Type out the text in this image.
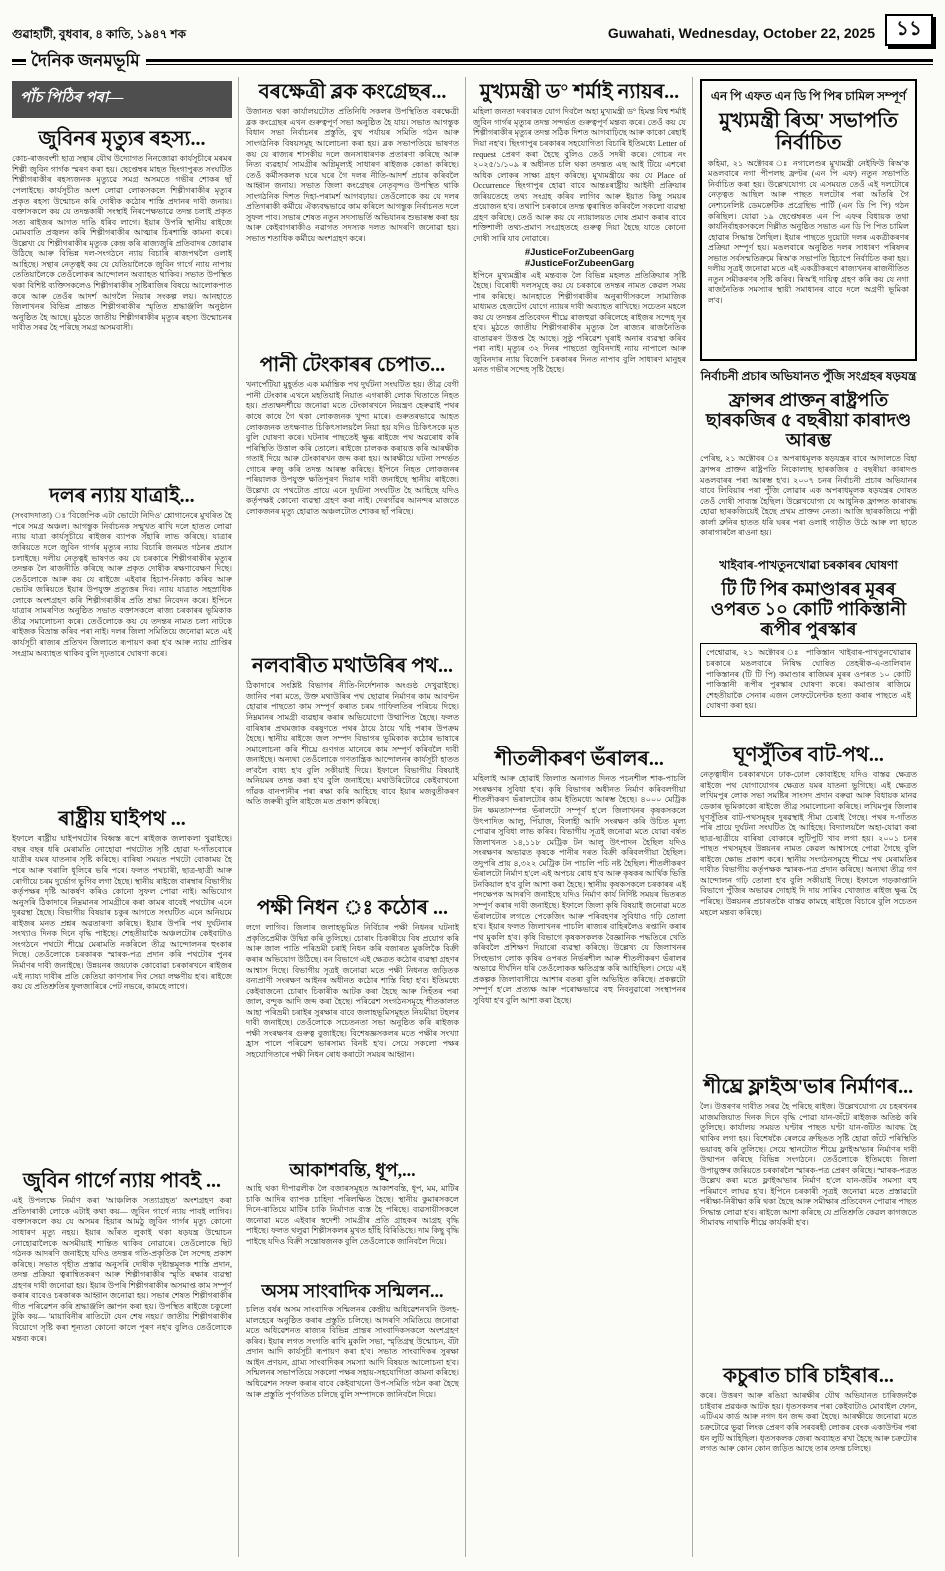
গুৱাহাটী, বুধবাৰ, ৪ কাতি, ১৯৪৭ শক	Guwahati, Wednesday, October 22, 2025	১১
দৈনিক জনমভূমি
পাঁচ পিঠিৰ পৰা—
জুবিনৰ মৃত্যুৰ ৰহস্য...

কোচ-ৰাজবংশী ছাত্ৰ সন্থাৰ যৌথ উদ্যোগত নিনজোৱা কাৰ্যসূচীৰে মৰমৰ শিল্পী জুবিন গাৰ্গক স্মৰণ কৰা হয়। ছেপ্তেম্বৰ মাহত ছিংগাপুৰত সংঘটিত শিল্পীগৰাকীৰ ৰহস্যজনক মৃত্যুৱে সমগ্ৰ অসমতে গভীৰ শোকৰ ছাঁ পেলাইছে। কাৰ্যসূচীত অংশ লোৱা লোকসকলে শিল্পীগৰাকীৰ মৃত্যুৰ প্ৰকৃত ৰহস্য উন্মোচন কৰি দোষীক কঠোৰ শাস্তি প্ৰদানৰ দাবী জনায়। বক্তাসকলে কয় যে তদন্তকাৰী সংস্থাই নিৰপেক্ষভাৱে তদন্ত চলাই প্ৰকৃত সত্য ৰাইজৰ আগত দাঙি ধৰিব লাগে। ইয়াৰ উপৰি স্থানীয় ৰাইজে মোমবাতি প্ৰজ্বলন কৰি শিল্পীগৰাকীৰ আত্মাৰ চিৰশান্তি কামনা কৰে। উল্লেখ্য যে শিল্পীগৰাকীৰ মৃত্যুক কেন্দ্ৰ কৰি ৰাজ্যজুৰি প্ৰতিবাদৰ জোৱাৰ উঠিছে আৰু বিভিন্ন দল-সংগঠনে ন্যায় বিচাৰি ৰাজপথলৈ ওলাই আহিছে। সন্থাৰ নেতৃত্বই কয় যে যেতিয়ালৈকে জুবিন গাৰ্গে ন্যায় নাপায় তেতিয়ালৈকে তেওঁলোকৰ আন্দোলন অব্যাহত থাকিব। সভাত উপস্থিত থকা বিশিষ্ট ব্যক্তিসকলেও শিল্পীগৰাকীৰ সৃষ্টিৰাজিৰ বিষয়ে আলোকপাত কৰে আৰু তেওঁৰ আদৰ্শ আগলৈ নিয়াৰ সংকল্প লয়। আনহাতে জিলাখনৰ বিভিন্ন প্ৰান্তত শিল্পীগৰাকীৰ স্মৃতিত শ্ৰদ্ধাঞ্জলি অনুষ্ঠান অনুষ্ঠিত হৈ আছে। মুঠতে জাতীয় শিল্পীগৰাকীৰ মৃত্যুৰ ৰহস্য উন্মোচনৰ দাবীত সৰৱ হৈ পৰিছে সমগ্ৰ অসমবাসী।

দলৰ ন্যায় যাত্ৰাই...

(সংবাদদাতা) ঃ 'বিজেপিক এটা ভোটো নিদিও' শ্লোগানেৰে মুখৰিত হৈ পৰে সমগ্ৰ অঞ্চল। আগন্তুক নিৰ্বাচনক সন্মুখত ৰাখি দলে হাতত লোৱা ন্যায় যাত্ৰা কাৰ্যসূচীয়ে ৰাইজৰ ব্যাপক সঁহাৰি লাভ কৰিছে। যাত্ৰাৰ জৰিয়তে দলে জুবিন গাৰ্গৰ মৃত্যুৰ ন্যায় বিচাৰি জনমত গঠনৰ প্ৰয়াস চলাইছে। দলীয় নেতৃত্বই ভাষণত কয় যে চৰকাৰে শিল্পীগৰাকীৰ মৃত্যুৰ তদন্তক লৈ ৰাজনীতি কৰিছে আৰু প্ৰকৃত দোষীক ৰক্ষণাবেক্ষণ দিছে। তেওঁলোকে আৰু কয় যে ৰাইজে এইবাৰ হিচাপ-নিকাচ কৰিব আৰু ভোটৰ জৰিয়তে ইয়াৰ উপযুক্ত প্ৰত্যুত্তৰ দিব। ন্যায় যাত্ৰাত সহস্ৰাধিক লোকে অংশগ্ৰহণ কৰি শিল্পীগৰাকীৰ প্ৰতি শ্ৰদ্ধা নিবেদন কৰে। ইপিনে যাত্ৰাৰ সামৰণিত অনুষ্ঠিত সভাত বক্তাসকলে ৰাজ্য চৰকাৰৰ ভূমিকাক তীব্ৰ সমালোচনা কৰে। তেওঁলোকে কয় যে তদন্তৰ নামত চলা নাটকে ৰাইজক বিভ্ৰান্ত কৰিব পৰা নাই। দলৰ জিলা সমিতিয়ে জনোৱা মতে এই কাৰ্যসূচী ৰাজ্যৰ প্ৰতিখন জিলাতে ৰূপায়ণ কৰা হ'ব আৰু ন্যায় প্ৰাপ্তিৰ সংগ্ৰাম অব্যাহত থাকিব বুলি দৃঢ়তাৰে ঘোষণা কৰে।

ৰাষ্ট্ৰীয় ঘাইপথ ...

ইফালে ৰাষ্ট্ৰীয় ঘাইপথটোৰ বিধ্বস্ত ৰূপে ৰাইজক জলাকলা খুৱাইছে। বছৰ বছৰ ধৰি মেৰামতি নোহোৱা পথটোত সৃষ্টি হোৱা দ-গাঁতবোৰে যাত্ৰীৰ যমৰ যাতনাৰ সৃষ্টি কৰিছে। বাৰিষা সময়ত পথটো বোকাময় হৈ পৰে আৰু খৰালি ধূলিৰে ভৰি পৰে। ফলত পথচাৰী, ছাত্ৰ-ছাত্ৰী আৰু ৰোগীয়ে চৰম দুৰ্ভোগ ভুগিব লগা হৈছে। স্থানীয় ৰাইজে বাৰম্বাৰ বিভাগীয় কৰ্তৃপক্ষৰ দৃষ্টি আকৰ্ষণ কৰিও কোনো সুফল পোৱা নাই। অভিযোগ অনুসৰি ঠিকাদাৰে নিম্নমানৰ সামগ্ৰীৰে কৰা কামৰ বাবেই পথটোৰ এনে দুৰৱস্থা হৈছে। বিভাগীয় বিষয়াৰ চকুৰ আগতে সংঘটিত এনে অনিয়মে ৰাইজৰ মনত প্ৰশ্নৰ অৱতাৰণা কৰিছে। ইয়াৰ উপৰি পথ দুৰ্ঘটনাৰ সংখ্যাও দিনক দিনে বৃদ্ধি পাইছে। শেহতীয়াকৈ অঞ্চলটোৰ কেইবাটাও সংগঠনে পথটো শীঘ্ৰে মেৰামতি নকৰিলে তীব্ৰ আন্দোলনৰ হুংকাৰ দিছে। তেওঁলোকে চৰকাৰক স্মাৰক-পত্ৰ প্ৰদান কৰি পথটোৰ পুনৰ নিৰ্মাণৰ দাবী জনাইছে। উন্নয়নৰ জয়ঢাক কোবোৱা চৰকাৰখনে ৰাইজৰ এই ন্যায্য দাবীৰ প্ৰতি কেতিয়া কাণসাৰ দিব সেয়া লক্ষণীয় হ'ব। ৰাইজে কয় যে প্ৰতিশ্ৰুতিৰ ফুলজাৰিৰে পেট নভৰে, কামহে লাগে।

জুবিন গাৰ্গে ন্যায় পাবই ...

এই উপলক্ষে নিৰ্মাণ কৰা 'আঞ্চলিক সত্যাগ্ৰহত' অংশগ্ৰহণ কৰা প্ৰতিগৰাকী লোকে এটাই কথা কয়— জুবিন গাৰ্গে ন্যায় পাবই লাগিব। বক্তাসকলে কয় যে অসমৰ হিয়াৰ আমঠু জুবিন গাৰ্গৰ মৃত্যু কোনো সাধাৰণ মৃত্যু নহয়। ইয়াৰ আঁৰত লুকাই থকা ষড়যন্ত্ৰ উন্মোচন নোহোৱালৈকে অসমীয়াই শান্তিত থাকিব নোৱাৰে। তেওঁলোকে ছিট গঠনক আদৰণি জনাইছে যদিও তদন্তৰ গতি-প্ৰকৃতিক লৈ সন্দেহ প্ৰকাশ কৰিছে। সভাত গৃহীত প্ৰস্তাৱ অনুসৰি দোষীক দৃষ্টান্তমূলক শাস্তি প্ৰদান, তদন্ত প্ৰক্ৰিয়া ত্বৰান্বিতকৰণ আৰু শিল্পীগৰাকীৰ স্মৃতি ৰক্ষাৰ ব্যৱস্থা গ্ৰহণৰ দাবী জনোৱা হয়। ইয়াৰ উপৰি শিল্পীগৰাকীৰ অসমাপ্ত কাম সম্পূৰ্ণ কৰাৰ বাবেও চৰকাৰক আহ্বান জনোৱা হয়। সভাৰ শেষত শিল্পীগৰাকীৰ গীত পৰিৱেশন কৰি শ্ৰদ্ধাঞ্জলি জ্ঞাপন কৰা হয়। উপস্থিত ৰাইজে চকুলো টুকি কয়— 'মায়াবিনীৰ ৰাতিটো যেন শেষ নহয়।' জাতীয় শিল্পীগৰাকীৰ বিয়োগে সৃষ্টি কৰা শূন্যতা কোনো কালে পূৰণ নহ'ব বুলিও তেওঁলোকে মন্তব্য কৰে।

বৰক্ষেত্ৰী ব্লক কংগ্ৰেছৰ...

উজানত থকা কাৰ্যালয়টোত প্ৰতিনিধি সকলৰ উপস্থিতিত বৰক্ষেত্ৰী ব্লক কংগ্ৰেছৰ এখন গুৰুত্বপূৰ্ণ সভা অনুষ্ঠিত হৈ যায়। সভাত আগন্তুক বিধান সভা নিৰ্বাচনৰ প্ৰস্তুতি, বুথ পৰ্যায়ৰ সমিতি গঠন আৰু সাংগঠনিক বিষয়সমূহ আলোচনা কৰা হয়। ব্লক সভাপতিয়ে ভাষণত কয় যে ৰাজ্যৰ শাসকীয় দলে জনসাধাৰণক প্ৰতাৰণা কৰিছে আৰু নিত্য ব্যৱহাৰ্য সামগ্ৰীৰ অগ্নিমূল্যই সাধাৰণ ৰাইজক কোঙা কৰিছে। তেওঁ কৰ্মীসকলক ঘৰে ঘৰে গৈ দলৰ নীতি-আদৰ্শ প্ৰচাৰ কৰিবলৈ আহ্বান জনায়। সভাত জিলা কংগ্ৰেছৰ নেতৃবৃন্দও উপস্থিত থাকি সাংগঠনিক দিশত দিহা-পৰামৰ্শ আগবঢ়ায়। তেওঁলোকে কয় যে দলৰ প্ৰতিগৰাকী কৰ্মীয়ে ঐক্যবদ্ধভাৱে কাম কৰিলে আগন্তুক নিৰ্বাচনত দলে সুফল পাব। সভাৰ শেষত নতুন সদস্যভৰ্তি অভিযানৰ শুভাৰম্ভ কৰা হয় আৰু কেইবাগৰাকীও নৱাগত সদস্যক দলত আদৰণি জনোৱা হয়। সভাত শতাধিক কৰ্মীয়ে অংশগ্ৰহণ কৰে।

পানী টেংকাৰৰ চেপাত...

খনাৰ্পেটিয়া মুহূৰ্তত এক মৰ্মান্তিক পথ দুৰ্ঘটনা সংঘটিত হয়। তীব্ৰ বেগী পানী টেংকাৰ এখনে মহতিয়াই নিয়াত এগৰাকী লোক থিতাতে নিহত হয়। প্ৰত্যক্ষদৰ্শীয়ে জনোৱা মতে টেংকাৰখনে নিয়ন্ত্ৰণ হেৰুৱাই পথৰ কাষে কাষে গৈ থকা লোকজনক খুন্দা মাৰে। গুৰুতৰভাৱে আহত লোকজনক তৎক্ষণাত চিকিৎসালয়লৈ নিয়া হয় যদিও চিকিৎসকে মৃত বুলি ঘোষণা কৰে। ঘটনাৰ পাছতেই ক্ষুব্ধ ৰাইজে পথ অৱৰোধ কৰি পৰিস্থিতি উত্তাল কৰি তোলে। ৰাইজে চালকক কৰায়ত্ত কৰি আৰক্ষীক গতাই দিয়ে আৰু টেংকাৰখন জব্দ কৰা হয়। আৰক্ষীয়ে ঘটনা সন্দৰ্ভত গোচৰ ৰুজু কৰি তদন্ত আৰম্ভ কৰিছে। ইপিনে নিহত লোকজনৰ পৰিয়ালক উপযুক্ত ক্ষতিপূৰণ দিয়াৰ দাবী জনাইছে স্থানীয় ৰাইজে। উল্লেখ্য যে পথটোত প্ৰায়ে এনে দুৰ্ঘটনা সংঘটিত হৈ আহিছে যদিও কৰ্তৃপক্ষই কোনো ব্যৱস্থা গ্ৰহণ কৰা নাই। দেৰগাঁৱৰ আনন্দৰ মাজতে লোকজনৰ মৃত্যু হোৱাত অঞ্চলটোত শোকৰ ছাঁ পৰিছে।

নলবাৰীত মথাউৰিৰ পথ...

ঠিকাদাৰে সংশ্লিষ্ট বিভাগৰ নীতি-নিৰ্দেশনাক অংগুষ্ঠ দেখুৱাইছে। জানিব পৰা মতে, উক্ত মথাউৰিৰ পথ ছোৱাৰ নিৰ্মাণৰ কাম আবণ্টন হোৱাৰ পাছতো কাম সম্পূৰ্ণ কৰাত চৰম গাফিলতিৰ পৰিচয় দিছে। নিম্নমানৰ সামগ্ৰী ব্যৱহাৰ কৰাৰ অভিযোগো উত্থাপিত হৈছে। ফলত বাৰিষাৰ প্ৰথমজাক বৰষুণতে পথৰ ঠায়ে ঠায়ে খহি পৰাৰ উপক্ৰম হৈছে। স্থানীয় ৰাইজে জল সম্পদ বিভাগৰ ভূমিকাক কঠোৰ ভাষাৰে সমালোচনা কৰি শীঘ্ৰে গুণগত মানেৰে কাম সম্পূৰ্ণ কৰিবলৈ দাবী জনাইছে। অন্যথা তেওঁলোকে গণতান্ত্ৰিক আন্দোলনৰ কাৰ্যসূচী হাতত ল'বলৈ বাধ্য হ'ব বুলি সকীয়াই দিয়ে। ইফালে বিভাগীয় বিষয়াই অনিয়মৰ তদন্ত কৰা হ'ব বুলি জনাইছে। মথাউৰিটোৱে কেইবাখনো গাঁৱক বানপানীৰ পৰা ৰক্ষা কৰি আহিছে বাবে ইয়াৰ মজবুতীকৰণ অতি জৰুৰী বুলি ৰাইজে মত প্ৰকাশ কৰিছে।

পক্ষী নিধন ঃ কঠোৰ ...

লগে লাগিব। জিলাৰ জলাহভূমিত নিৰ্বিচাৰ পক্ষী নিধনৰ ঘটনাই প্ৰকৃতিপ্ৰেমীক উদ্বিগ্ন কৰি তুলিছে। চোৰাং চিকাৰীয়ে বিষ প্ৰয়োগ কৰি আৰু জাল পাতি পৰিভ্ৰমী চৰাই নিধন কৰি বজাৰত মুকলিকৈ বিক্ৰী কৰাৰ অভিযোগ উঠিছে। বন বিভাগে এই ক্ষেত্ৰত কঠোৰ ব্যৱস্থা গ্ৰহণৰ আশ্বাস দিছে। বিভাগীয় সূত্ৰই জনোৱা মতে পক্ষী নিধনত জড়িতক বন্যপ্ৰাণী সংৰক্ষণ আইনৰ অধীনত কঠোৰ শাস্তি বিহা হ'ব। ইতিমধ্যে কেইবাজনো চোৰাং চিকাৰীক আটক কৰা হৈছে আৰু সিহঁতৰ পৰা জাল, বন্দুক আদি জব্দ কৰা হৈছে। পৰিৱেশ সংগঠনসমূহে শীতকালত আহা পৰিভ্ৰমী চৰাইৰ সুৰক্ষাৰ বাবে জলাহভূমিসমূহত নিয়মীয়া টহলৰ দাবী জনাইছে। তেওঁলোকে সচেতনতা সভা অনুষ্ঠিত কৰি ৰাইজক পক্ষী সংৰক্ষণৰ গুৰুত্ব বুজাইছে। বিশেষজ্ঞসকলৰ মতে পক্ষীৰ সংখ্যা হ্ৰাস পালে পৰিৱেশ ভাৰসাম্য বিনষ্ট হ'ব। সেয়ে সকলো পক্ষৰ সহযোগিতাৰে পক্ষী নিধন ৰোধ কৰাটো সময়ৰ আহ্বান।

আকাশবন্তি, ধূপ,...

আহি থকা দীপাৱলীক লৈ বজাৰসমূহত আকাশবন্তি, ধূপ, মম, মাটিৰ চাকি আদিৰ ব্যাপক চাহিদা পৰিলক্ষিত হৈছে। স্থানীয় কুমাৰসকলে দিনে-ৰাতিয়ে মাটিৰ চাকি নিৰ্মাণত ব্যস্ত হৈ পৰিছে। ব্যৱসায়ীসকলে জনোৱা মতে এইবাৰ স্বদেশী সামগ্ৰীৰ প্ৰতি গ্ৰাহকৰ আগ্ৰহ বৃদ্ধি পাইছে। ফলত থলুৱা শিল্পীসকলৰ মুখত হাঁহি বিৰিঙিছে। দাম কিছু বৃদ্ধি পাইছে যদিও বিক্ৰী সন্তোষজনক বুলি তেওঁলোকে জানিবলৈ দিয়ে।

অসম সাংবাদিক সন্মিলন...

চলিত বৰ্ষৰ অসম সাংবাদিক সন্মিলনৰ কেন্দ্ৰীয় অধিৱেশনখনি উলহ-মালহেৰে অনুষ্ঠিত কৰাৰ প্ৰস্তুতি চলিছে। আদৰণি সমিতিয়ে জনোৱা মতে অধিৱেশনত ৰাজ্যৰ বিভিন্ন প্ৰান্তৰ সাংবাদিকসকলে অংশগ্ৰহণ কৰিব। ইয়াৰ লগত সংগতি ৰাখি মুকলি সভা, স্মৃতিগ্ৰন্থ উন্মোচন, বঁটা প্ৰদান আদি কাৰ্যসূচী ৰূপায়ণ কৰা হ'ব। সভাত সাংবাদিকৰ সুৰক্ষা আইন প্ৰণয়ন, গ্ৰাম্য সাংবাদিকৰ সমস্যা আদি বিষয়ত আলোচনা হ'ব। সন্মিলনৰ সভাপতিয়ে সকলো পক্ষৰ সহায়-সহযোগিতা কামনা কৰিছে। অধিৱেশন সফল কৰাৰ বাবে কেইবাখনো উপ-সমিতি গঠন কৰা হৈছে আৰু প্ৰস্তুতি পূৰ্ণগতিত চলিছে বুলি সম্পাদকে জানিবলৈ দিয়ে।

মুখ্যমন্ত্ৰী ড° শৰ্মাই ন্যায়ৰ...

মহিলা জনতা দৰবাৰত যোগ দিবলৈ অহা মুখ্যমন্ত্ৰী ড° হিমন্ত বিশ্ব শৰ্মাই জুবিন গাৰ্গৰ মৃত্যুৰ তদন্ত সন্দৰ্ভত গুৰুত্বপূৰ্ণ মন্তব্য কৰে। তেওঁ কয় যে শিল্পীগৰাকীৰ মৃত্যুৰ তদন্ত সঠিক দিশত আগবাঢ়িছে আৰু কাকো ৰেহাই দিয়া নহ'ব। ছিংগাপুৰ চৰকাৰৰ সহযোগিতা বিচাৰি ইতিমধ্যে Letter of request প্ৰেৰণ কৰা হৈছে বুলিও তেওঁ সদৰী কৰে। গোচৰ নং ২০২৫/১/১০৯ ৰ অধীনত চলি থকা তদন্তত এছ আই টিয়ে এশৰো অধিক লোকৰ সাক্ষ্য গ্ৰহণ কৰিছে। মুখ্যমন্ত্ৰীয়ে কয় যে Place of Occurrence ছিংগাপুৰ হোৱা বাবে আন্তঃৰাষ্ট্ৰীয় আইনী প্ৰক্ৰিয়াৰ জৰিয়তেহে তথ্য সংগ্ৰহ কৰিব লাগিব আৰু ইয়াত কিছু সময়ৰ প্ৰয়োজন হ'ব। তথাপি চৰকাৰে তদন্ত ত্বৰান্বিত কৰিবলৈ সকলো ব্যৱস্থা গ্ৰহণ কৰিছে। তেওঁ আৰু কয় যে ন্যায়ালয়ত দোষ প্ৰমাণ কৰাৰ বাবে শক্তিশালী তথ্য-প্ৰমাণ সংগ্ৰহতহে গুৰুত্ব দিয়া হৈছে যাতে কোনো দোষী সাৰি যাব নোৱাৰে।

#JusticeForZubeenGarg #JusticeForZubeenGarg

ইপিনে মুখ্যমন্ত্ৰীৰ এই মন্তব্যক লৈ বিভিন্ন মহলত প্ৰতিক্ৰিয়াৰ সৃষ্টি হৈছে। বিৰোধী দলসমূহে কয় যে চৰকাৰে তদন্তৰ নামত কেৱল সময় পাৰ কৰিছে। আনহাতে শিল্পীগৰাকীৰ অনুৰাগীসকলে সামাজিক মাধ্যমত হেজটেগ যোগে ন্যায়ৰ দাবী অব্যাহত ৰাখিছে। সচেতন মহলে কয় যে তদন্তৰ প্ৰতিবেদন শীঘ্ৰে ৰাজহুৱা কৰিলেহে ৰাইজৰ সন্দেহ দূৰ হ'ব। মুঠতে জাতীয় শিল্পীগৰাকীৰ মৃত্যুক লৈ ৰাজ্যৰ ৰাজনৈতিক বাতাৱৰণ উত্তপ্ত হৈ আছে। সুষ্ঠু পৰিৱেশ ঘূৰাই অনাৰ ব্যৱস্থা কৰিব পৰা নাই। মৃত্যুৰ ৩২ দিনৰ পাছতো জুবিনদাই ন্যায় নাপালে আৰু জুবিনদাৰ ন্যায় বিজেপি চৰকাৰৰ দিনত নাপাব বুলি সাধাৰণ মানুহৰ মনত গভীৰ সন্দেহ সৃষ্টি হৈছে।

শীতলীকৰণ ভঁৰালৰ...

মহিলাই আৰু হোৱাই জিলাত অনাগত দিনত পচনশীল শাক-পাচলি সংৰক্ষণৰ সুবিধা হ'ব। কৃষি বিভাগৰ অধীনত নিৰ্মাণ কৰিবলগীয়া শীতলীকৰণ ভঁৰালটোৰ কাম ইতিমধ্যে আৰম্ভ হৈছে। ৪০০০ মেট্ৰিক টন ক্ষমতাসম্পন্ন ভঁৰালটো সম্পূৰ্ণ হ'লে জিলাখনৰ কৃষকসকলে উৎপাদিত আলু, পিঁয়াজ, বিলাহী আদি সংৰক্ষণ কৰি উচিত মূল্য পোৱাৰ সুবিধা লাভ কৰিব। বিভাগীয় সূত্ৰই জনোৱা মতে যোৱা বৰ্ষত জিলাখনত ১৪,১১৮ মেট্ৰিক টন আলু উৎপাদন হৈছিল যদিও সংৰক্ষণৰ অভাৱত কৃষকে পানীৰ দৰত বিক্ৰী কৰিবলগীয়া হৈছিল। তদুপৰি প্ৰায় ৪,৩২২ মেট্ৰিক টন পাচলি পচি নষ্ট হৈছিল। শীতলীকৰণ ভঁৰালটো নিৰ্মাণ হ'লে এই অপচয় ৰোধ হ'ব আৰু কৃষকৰ আৰ্থিক ভিত্তি টনকিয়াল হ'ব বুলি আশা কৰা হৈছে। স্থানীয় কৃষকসকলে চৰকাৰৰ এই পদক্ষেপক আদৰণি জনাইছে যদিও নিৰ্মাণ কাৰ্য নিৰ্দিষ্ট সময়ৰ ভিতৰত সম্পূৰ্ণ কৰাৰ দাবী জনাইছে। ইফালে জিলা কৃষি বিষয়াই জনোৱা মতে ভঁৰালটোৰ লগতে পেকেজিং আৰু পৰিবহণৰ সুবিধাও গঢ়ি তোলা হ'ব। ইয়াৰ ফলত জিলাখনৰ পাচলি ৰাজ্যৰ বাহিৰলৈও ৰপ্তানি কৰাৰ পথ মুকলি হ'ব। কৃষি বিভাগে কৃষকসকলক বৈজ্ঞানিক পদ্ধতিৰে খেতি কৰিবলৈ প্ৰশিক্ষণ দিয়াৰো ব্যৱস্থা কৰিছে। উল্লেখ্য যে জিলাখনৰ সিংহভাগ লোক কৃষিৰ ওপৰত নিৰ্ভৰশীল আৰু শীতলীকৰণ ভঁৰালৰ অভাৱে দীৰ্ঘদিন ধৰি তেওঁলোকক ক্ষতিগ্ৰস্ত কৰি আহিছিল। সেয়ে এই প্ৰকল্পক জিলাবাসীয়ে আশাৰ বতৰা বুলি অভিহিত কৰিছে। প্ৰকল্পটো সম্পূৰ্ণ হ'লে প্ৰত্যক্ষ আৰু পৰোক্ষভাৱে বহু নিবনুৱাৰো সংস্থাপনৰ সুবিধা হ'ব বুলি আশা কৰা হৈছে।

এন পি এফত এন ডি পি পিৰ চামিল সম্পূৰ্ণ

মুখ্যমন্ত্ৰী ৰিঅ' সভাপতি নিৰ্বাচিত

কহিমা, ২১ অক্টোবৰ ঃ নগালেণ্ডৰ মুখ্যমন্ত্ৰী নেইফিউ ৰিঅ'ক মঙলবাৰে নগা পীপলছ ফ্ৰণ্টৰ (এন পি এফ) নতুন সভাপতি নিৰ্বাচিত কৰা হয়। উল্লেখযোগ্য যে এসময়ত তেওঁ এই দলটোৰে নেতৃত্বত আছিল আৰু পাছত দলটোৰ পৰা আঁতৰি গৈ নেশ্যনেলিষ্ট ডেমক্ৰেটিক প্ৰগ্ৰেছিভ পাৰ্টি (এন ডি পি পি) গঠন কৰিছিল। যোৱা ১৯ ছেপ্তেম্বৰত এন পি এফৰ বিধায়ক তথা কাৰ্যনিৰ্বাহকসকলে দিল্লীত অনুষ্ঠিত সভাত এন ডি পি পিত চামিল হোৱাৰ সিদ্ধান্ত লৈছিল। ইয়াৰ পাছতে দুয়োটা দলৰ একত্ৰীকৰণৰ প্ৰক্ৰিয়া সম্পূৰ্ণ হয়। মঙলবাৰে অনুষ্ঠিত দলৰ সাধাৰণ পৰিষদৰ সভাত সৰ্বসন্মতিক্ৰমে ৰিঅ'ক সভাপতি হিচাপে নিৰ্বাচিত কৰা হয়। দলীয় সূত্ৰই জনোৱা মতে এই একত্ৰীকৰণে ৰাজ্যখনৰ ৰাজনীতিত নতুন সমীকৰণৰ সৃষ্টি কৰিব। ৰিঅ'ই দায়িত্ব গ্ৰহণ কৰি কয় যে নগা ৰাজনৈতিক সমস্যাৰ স্থায়ী সমাধানৰ বাবে দলে অগ্ৰণী ভূমিকা ল'ব।

নিৰ্বাচনী প্ৰচাৰ অভিযানত পুঁজি সংগ্ৰহৰ ষড়যন্ত্ৰ

ফ্ৰান্সৰ প্ৰাক্তন ৰাষ্ট্ৰপতি ছাৰকজিৰ ৫ বছৰীয়া কাৰাদণ্ড আৰম্ভ

পেৰিছ, ২১ অক্টোবৰ ঃ অপৰাধমূলক ষড়যন্ত্ৰৰ বাবে আদালতে বিহা ফ্ৰান্সৰ প্ৰাক্তন ৰাষ্ট্ৰপতি নিকোলাছ ছাৰকজিৰ ৫ বছৰীয়া কাৰাদণ্ড মঙলবাৰৰ পৰা আৰম্ভ হ'ব। ২০০৭ চনৰ নিৰ্বাচনী প্ৰচাৰ অভিযানৰ বাবে লিবিয়াৰ পৰা পুঁজি লোৱাৰ এক অপৰাধমূলক ষড়যন্ত্ৰৰ দোষত তেওঁ দোষী সাব্যস্ত হৈছিল। উল্লেখযোগ্য যে আধুনিক ফ্ৰান্সত কাৰাবদ্ধ হোৱা ছাৰকজিয়েই হৈছে প্ৰথম প্ৰাক্তন নেতা। আজি ছাৰকজিয়ে পত্নী কাৰ্লা ব্ৰুনিৰ হাতত ধৰি ঘৰৰ পৰা ওলাই গাড়ীত উঠে আৰু লা ছাতে কাৰাগাৰলৈ ৰাওনা হয়।

খাইবাৰ-পাখতুনখোৱা চৰকাৰৰ ঘোষণা

টি টি পিৰ কমাণ্ডাৰৰ মূৰৰ ওপৰত ১০ কোটি পাকিস্তানী ৰূপীৰ পুৰস্কাৰ

পেশ্বোৱাৰ, ২১ অক্টোবৰ ঃ পাকিস্তান খাইবাৰ-পাখতুনখোৱাৰ চৰকাৰে মঙলবাৰে নিষিদ্ধ ঘোষিত তেহৰীক-এ-তালিবান পাকিস্তানৰ (টি টি পি) কমাণ্ডাৰ ৰাজিমৰ মূৰৰ ওপৰত ১০ কোটি পাকিস্তানী ৰূপীৰ পুৰস্কাৰ ঘোষণা কৰে। কমাণ্ডাৰ ৰাজিমে শেহতীয়াকৈ সেনাৰ এজন লেফটেনেণ্টক হত্যা কৰাৰ পাছতে এই ঘোষণা কৰা হয়।

ঘূণসুঁতিৰ বাট-পথ...

নেতৃত্বাধীন চৰকাৰখনে ঢাক-ঢোল কোবাইছে যদিও বাস্তৱ ক্ষেত্ৰত ৰাইজে পথ যোগাযোগৰ ক্ষেত্ৰত যমৰ যাতনা ভুগিছে। এই ক্ষেত্ৰত লখিমপুৰ লোক সভা সমষ্টিৰ সাংসদ প্ৰদান বৰুৱা আৰু বিধায়ক মানৱ ডেকাৰ ভূমিকাকো ৰাইজে তীব্ৰ সমালোচনা কৰিছে। লখিমপুৰ জিলাৰ ঘূণসুঁতিৰ বাট-পথসমূহৰ দুৰৱস্থাই সীমা চেৰাই গৈছে। পথৰ দ-গাঁতত পৰি প্ৰায়ে দুৰ্ঘটনা সংঘটিত হৈ আহিছে। বিদ্যালয়লৈ অহা-যোৱা কৰা ছাত্ৰ-ছাত্ৰীয়ে বাৰিষা বোকাৰে লুটিপুটি খাব লগা হয়। ২০০১ চনৰ পাছত পথসমূহৰ উন্নয়নৰ নামত কেৱল আশ্বাসহে পোৱা গৈছে বুলি ৰাইজে ক্ষোভ প্ৰকাশ কৰে। স্থানীয় সংগঠনসমূহে শীঘ্ৰে পথ মেৰামতিৰ দাবীত বিভাগীয় কৰ্তৃপক্ষক স্মাৰক-পত্ৰ প্ৰদান কৰিছে। অন্যথা তীব্ৰ গণ আন্দোলন গঢ়ি তোলা হ'ব বুলি সকীয়াই দিছে। ইফালে গড়কাপ্তানি বিভাগে পুঁজিৰ অভাৱৰ দোহাই দি দায় সাৰিব খোজাত ৰাইজ ক্ষুব্ধ হৈ পৰিছে। উন্নয়নৰ প্ৰচাৰতকৈ বাস্তৱ কামহে ৰাইজে বিচাৰে বুলি সচেতন মহলে মন্তব্য কৰিছে।

শীঘ্ৰে ফ্লাইঅ'ভাৰ নিৰ্মাণৰ...

লৈ। উত্তৰণৰ দাবীত সৰৱ হৈ পৰিছে ৰাইজ। উল্লেখযোগ্য যে চহৰখনৰ মাজমজিয়াত দিনক দিনে বৃদ্ধি পোৱা যান-জঁটে ৰাইজক অতিষ্ঠ কৰি তুলিছে। কাৰ্যালয় সময়ত ঘণ্টাৰ পাছত ঘণ্টা যান-জঁটত আবদ্ধ হৈ থাকিব লগা হয়। বিশেষকৈ ৰেলৱে ক্ৰছিঙত সৃষ্টি হোৱা জঁটে পৰিস্থিতি ভয়াবহ কৰি তুলিছে। সেয়ে স্থানটোত শীঘ্ৰে ফ্লাইঅ'ভাৰ নিৰ্মাণৰ দাবী উত্থাপন কৰিছে বিভিন্ন সংগঠনে। তেওঁলোকে ইতিমধ্যে জিলা উপায়ুক্তৰ জৰিয়তে চৰকাৰলৈ স্মাৰক-পত্ৰ প্ৰেৰণ কৰিছে। স্মাৰক-পত্ৰত উল্লেখ কৰা মতে ফ্লাইঅ'ভাৰ নিৰ্মাণ হ'লে যান-জঁটৰ সমস্যা বহু পৰিমাণে লাঘৱ হ'ব। ইপিনে চৰকাৰী সূত্ৰই জনোৱা মতে প্ৰস্তাৱটো পৰীক্ষা-নিৰীক্ষা কৰি থকা হৈছে আৰু সমীক্ষাৰ প্ৰতিবেদন পোৱাৰ পাছত সিদ্ধান্ত লোৱা হ'ব। ৰাইজে আশা কৰিছে যে প্ৰতিশ্ৰুতি কেৱল কাগজতে সীমাবদ্ধ নাথাকি শীঘ্ৰে কাৰ্যকৰী হ'ব।

কচুৰাত চাৰি চাইৰাৰ...

কৰে। উত্তৰণ আৰু ৰঙিয়া আৰক্ষীৰ যৌথ অভিযানত চাৰিজনকৈ চাইবাৰ প্ৰৱঞ্চক আটক হয়। ধৃতসকলৰ পৰা কেইবাটাও মোবাইল ফোন, এটিএম কাৰ্ড আৰু নগদ ধন জব্দ কৰা হৈছে। আৰক্ষীয়ে জনোৱা মতে চক্ৰটোৱে ভুৱা লিংক প্ৰেৰণ কৰি সৰবৰহী লোকৰ বেংক একাউণ্টৰ পৰা ধন লুটি আহিছিল। ধৃতসকলক জেৰা অব্যাহত ৰখা হৈছে আৰু চক্ৰটোৰ লগত আৰু কোন কোন জড়িত আছে তাৰ তদন্ত চলিছে।
